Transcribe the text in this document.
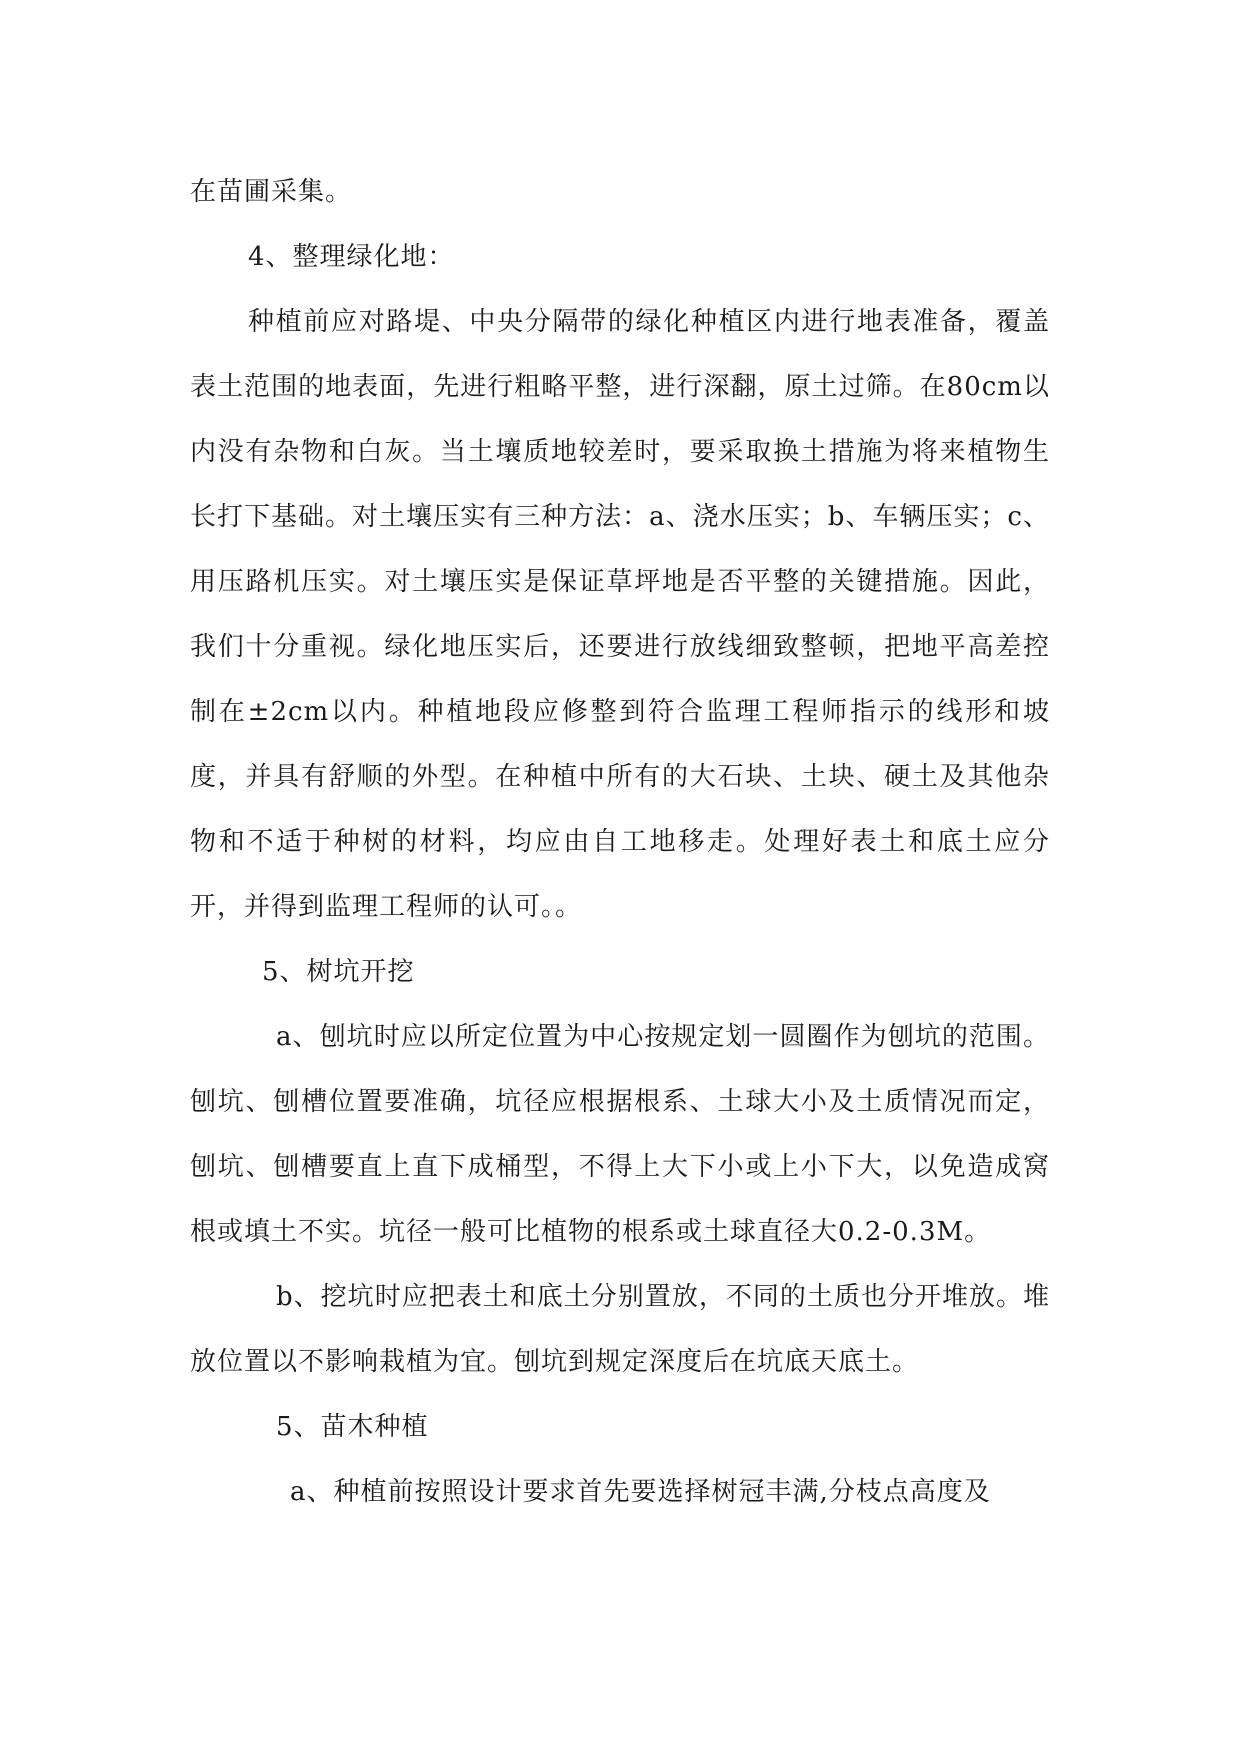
在苗圃采集。

4、整理绿化地：

种植前应对路堤、中央分隔带的绿化种植区内进行地表准备，覆盖表土范围的地表面，先进行粗略平整，进行深翻，原土过筛。在80cm以内没有杂物和白灰。当土壤质地较差时，要采取换土措施为将来植物生长打下基础。对土壤压实有三种方法：a、浇水压实；b、车辆压实；c、用压路机压实。对土壤压实是保证草坪地是否平整的关键措施。因此，我们十分重视。绿化地压实后，还要进行放线细致整顿，把地平高差控制在±2cm以内。种植地段应修整到符合监理工程师指示的线形和坡度，并具有舒顺的外型。在种植中所有的大石块、土块、硬土及其他杂物和不适于种树的材料，均应由自工地移走。处理好表土和底土应分开，并得到监理工程师的认可。。

5、树坑开挖

a、刨坑时应以所定位置为中心按规定划一圆圈作为刨坑的范围。刨坑、刨槽位置要准确，坑径应根据根系、土球大小及土质情况而定，刨坑、刨槽要直上直下成桶型，不得上大下小或上小下大，以免造成窝根或填土不实。坑径一般可比植物的根系或土球直径大0.2-0.3M。

b、挖坑时应把表土和底土分别置放，不同的土质也分开堆放。堆放位置以不影响栽植为宜。刨坑到规定深度后在坑底天底土。

5、苗木种植

a、种植前按照设计要求首先要选择树冠丰满,分枝点高度及
